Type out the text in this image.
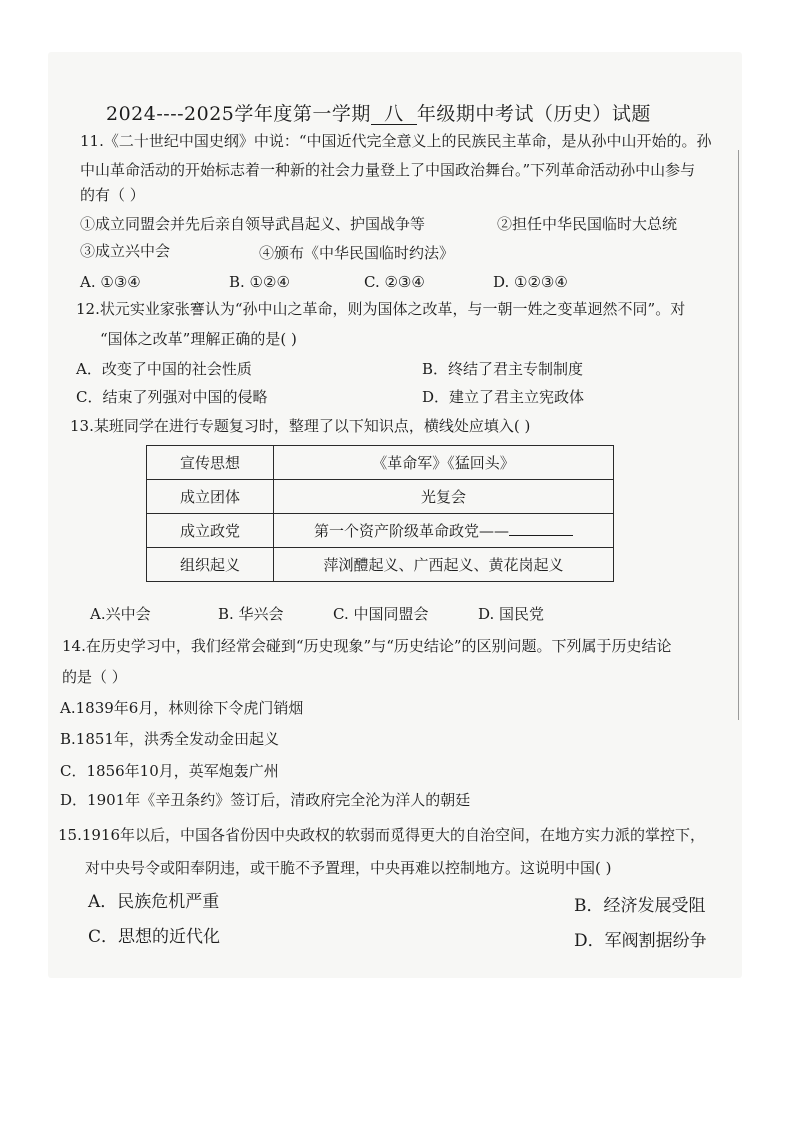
2024----2025学年度第一学期 八 年级期中考试（历史）试题
11.《二十世纪中国史纲》中说：“中国近代完全意义上的民族民主革命，是从孙中山开始的。孙
中山革命活动的开始标志着一种新的社会力量登上了中国政治舞台。”下列革命活动孙中山参与
的有（ ）
①成立同盟会并先后亲自领导武昌起义、护国战争等	②担任中华民国临时大总统
③成立兴中会	④颁布《中华民国临时约法》
A. ①③④	B. ①②④	C. ②③④	D. ①②③④
12.状元实业家张謇认为“孙中山之革命，则为国体之改革，与一朝一姓之变革迥然不同”。对
“国体之改革”理解正确的是( )
A．改变了中国的社会性质	B．终结了君主专制制度
C．结束了列强对中国的侵略	D．建立了君主立宪政体
13.某班同学在进行专题复习时，整理了以下知识点，横线处应填入( )
宣传思想	《革命军》《猛回头》
成立团体	光复会
成立政党	第一个资产阶级革命政党——
组织起义	萍浏醴起义、广西起义、黄花岗起义
A.兴中会	B. 华兴会	C. 中国同盟会	D. 国民党
14.在历史学习中，我们经常会碰到“历史现象”与“历史结论”的区别问题。下列属于历史结论
的是（ ）
A.1839年6月，林则徐下令虎门销烟
B.1851年，洪秀全发动金田起义
C．1856年10月，英军炮轰广州
D．1901年《辛丑条约》签订后，清政府完全沦为洋人的朝廷
15.1916年以后，中国各省份因中央政权的软弱而觅得更大的自治空间，在地方实力派的掌控下，
对中央号令或阳奉阴违，或干脆不予置理，中央再难以控制地方。这说明中国( )
A．民族危机严重	B．经济发展受阻
C．思想的近代化	D．军阀割据纷争
